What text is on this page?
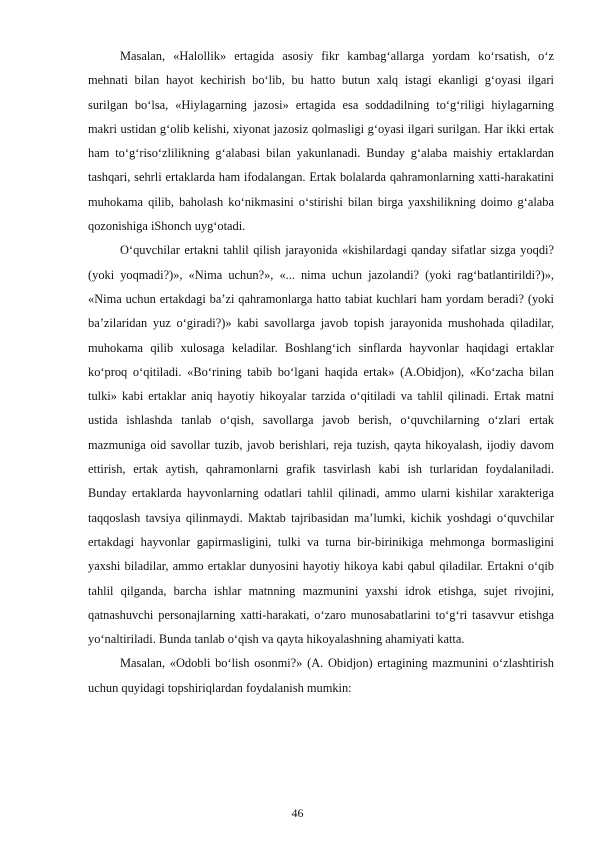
Masalan, «Halollik» ertagida asosiy fikr kambag‘allarga yordam ko‘rsatish, o‘z mehnati bilan hayot kechirish bo‘lib, bu hatto butun xalq istagi ekanligi g‘oyasi ilgari surilgan bo‘lsa, «Hiylagarning jazosi» ertagida esa soddadilning to‘g‘riligi hiylagarning makri ustidan g‘olib kelishi, xiyonat jazosiz qolmasligi g‘oyasi ilgari surilgan. Har ikki ertak ham to‘g‘riso‘zlilikning g‘alabasi bilan yakunlanadi. Bunday g‘alaba maishiy ertaklardan tashqari, sehrli ertaklarda ham ifodalangan. Ertak bolalarda qahramonlarning xatti-harakatini muhokama qilib, baholash ko‘nikmasini o‘stirishi bilan birga yaxshilikning doimo g‘alaba qozonishiga iShonch uyg‘otadi.

O‘quvchilar ertakni tahlil qilish jarayonida «kishilardagi qanday sifatlar sizga yoqdi? (yoki yoqmadi?)», «Nima uchun?», «... nima uchun jazolandi? (yoki rag‘batlantirildi?)», «Nima uchun ertakdagi ba’zi qahramonlarga hatto tabiat kuchlari ham yordam beradi? (yoki ba’zilaridan yuz o‘giradi?)» kabi savollarga javob topish jarayonida mushohada qiladilar, muhokama qilib xulosaga keladilar. Boshlang‘ich sinflarda hayvonlar haqidagi ertaklar ko‘proq o‘qitiladi. «Bo‘rining tabib bo‘lgani haqida ertak» (A.Obidjon), «Ko‘zacha bilan tulki» kabi ertaklar aniq hayotiy hikoyalar tarzida o‘qitiladi va tahlil qilinadi. Ertak matni ustida ishlashda tanlab o‘qish, savollarga javob berish, o‘quvchilarning o‘zlari ertak mazmuniga oid savollar tuzib, javob berishlari, reja tuzish, qayta hikoyalash, ijodiy davom ettirish, ertak aytish, qahramonlarni grafik tasvirlash kabi ish turlaridan foydalaniladi. Bunday ertaklarda hayvonlarning odatlari tahlil qilinadi, ammo ularni kishilar xarakteriga taqqoslash tavsiya qilinmaydi. Maktab tajribasidan ma’lumki, kichik yoshdagi o‘quvchilar ertakdagi hayvonlar gapirmasligini, tulki va turna bir-birinikiga mehmonga bormasligini yaxshi biladilar, ammo ertaklar dunyosini hayotiy hikoya kabi qabul qiladilar. Ertakni o‘qib tahlil qilganda, barcha ishlar matnning mazmunini yaxshi idrok etishga, sujet rivojini, qatnashuvchi personajlarning xatti-harakati, o‘zaro munosabatlarini to‘g‘ri tasavvur etishga yo‘naltiriladi. Bunda tanlab o‘qish va qayta hikoyalashning ahamiyati katta.

Masalan, «Odobli bo‘lish osonmi?» (A. Obidjon) ertagining mazmunini o‘zlashtirish uchun quyidagi topshiriqlardan foydalanish mumkin:

46
